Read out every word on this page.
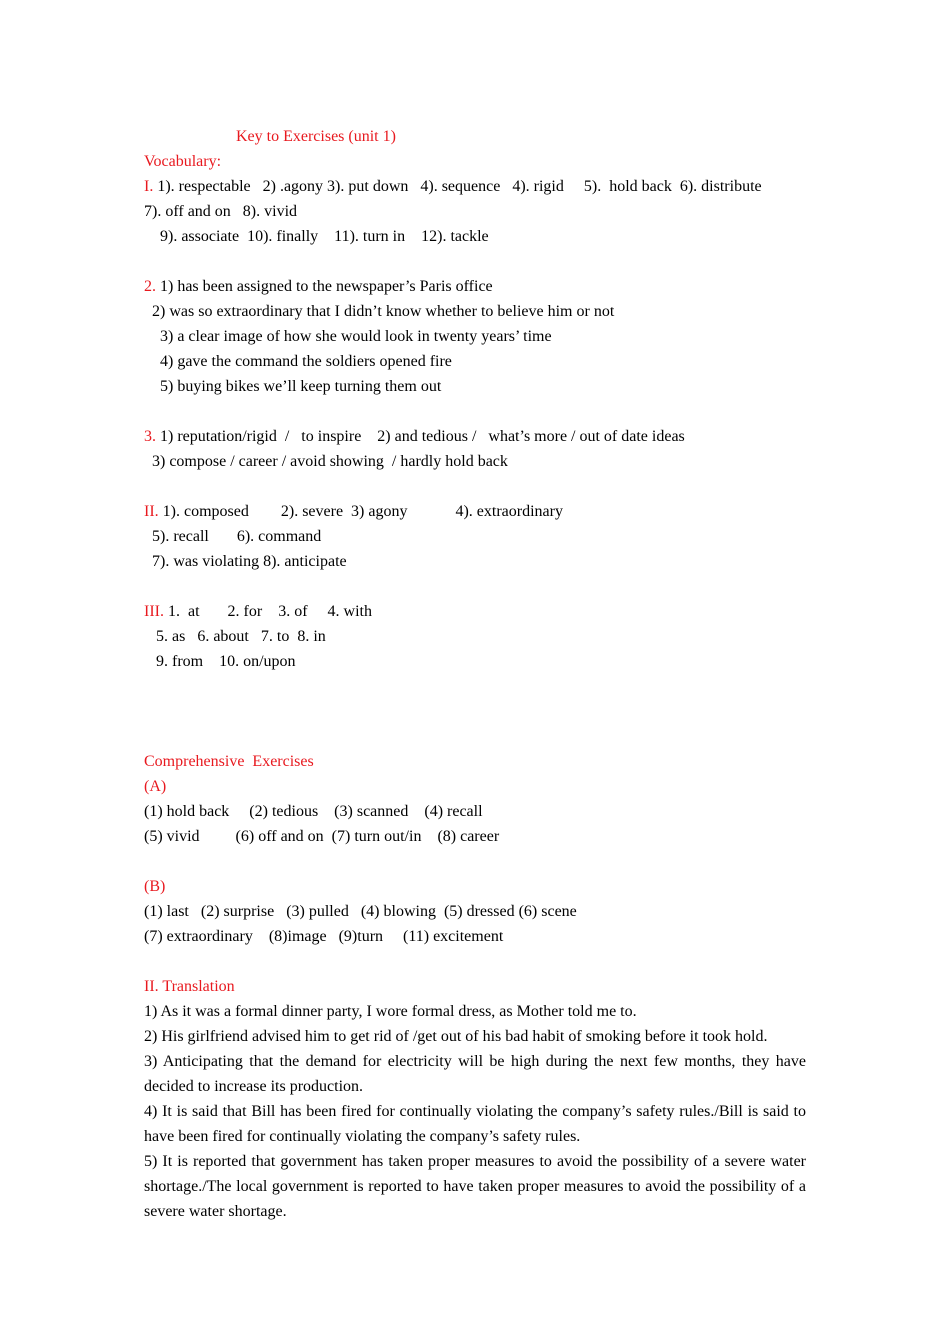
Key to Exercises (unit 1)
Vocabulary:
I. 1). respectable   2) .agony 3). put down   4). sequence   4). rigid     5).  hold back  6). distribute
7). off and on   8). vivid
9). associate  10). finally    11). turn in    12). tackle
2. 1) has been assigned to the newspaper’s Paris office
2) was so extraordinary that I didn’t know whether to believe him or not
3) a clear image of how she would look in twenty years’ time
4) gave the command the soldiers opened fire
5) buying bikes we’ll keep turning them out
3. 1) reputation/rigid  /   to inspire    2) and tedious /   what’s more / out of date ideas
3) compose / career / avoid showing  / hardly hold back
II. 1). composed        2). severe  3) agony            4). extraordinary
5). recall       6). command
7). was violating 8). anticipate
III. 1.  at       2. for    3. of     4. with
5. as   6. about   7. to  8. in
9. from    10. on/upon
Comprehensive  Exercises
(A)
(1) hold back     (2) tedious    (3) scanned    (4) recall
(5) vivid         (6) off and on  (7) turn out/in    (8) career
(B)
(1) last   (2) surprise   (3) pulled   (4) blowing  (5) dressed (6) scene
(7) extraordinary    (8)image   (9)turn     (11) excitement
II. Translation
1) As it was a formal dinner party, I wore formal dress, as Mother told me to.
2) His girlfriend advised him to get rid of /get out of his bad habit of smoking before it took hold.
3) Anticipating that the demand for electricity will be high during the next few months, they have decided to increase its production.
4) It is said that Bill has been fired for continually violating the company’s safety rules./Bill is said to have been fired for continually violating the company’s safety rules.
5) It is reported that government has taken proper measures to avoid the possibility of a severe water shortage./The local government is reported to have taken proper measures to avoid the possibility of a severe water shortage.
